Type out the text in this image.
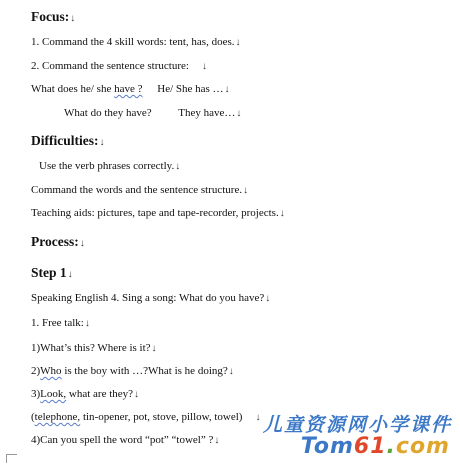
Focus:↓
1. Command the 4 skill words: tent, has, does.↓
2. Command the sentence structure: ↓
What does he/ she have ? He/ She has …↓
What do they have? They have…↓
Difficulties:↓
Use the verb phrases correctly.↓
Command the words and the sentence structure.↓
Teaching aids: pictures, tape and tape-recorder, projects.↓
Process:↓
Step 1↓
Speaking English 4. Sing a song: What do you have?↓
1. Free talk:↓
1)What’s this? Where is it?↓
2)Who is the boy with …?What is he doing?↓
3)Look, what are they?↓
(telephone, tin-opener, pot, stove, pillow, towel) ↓
4)Can you spell the word “pot” “towel” ?↓
儿童资源网小学课件
Tom61.com
